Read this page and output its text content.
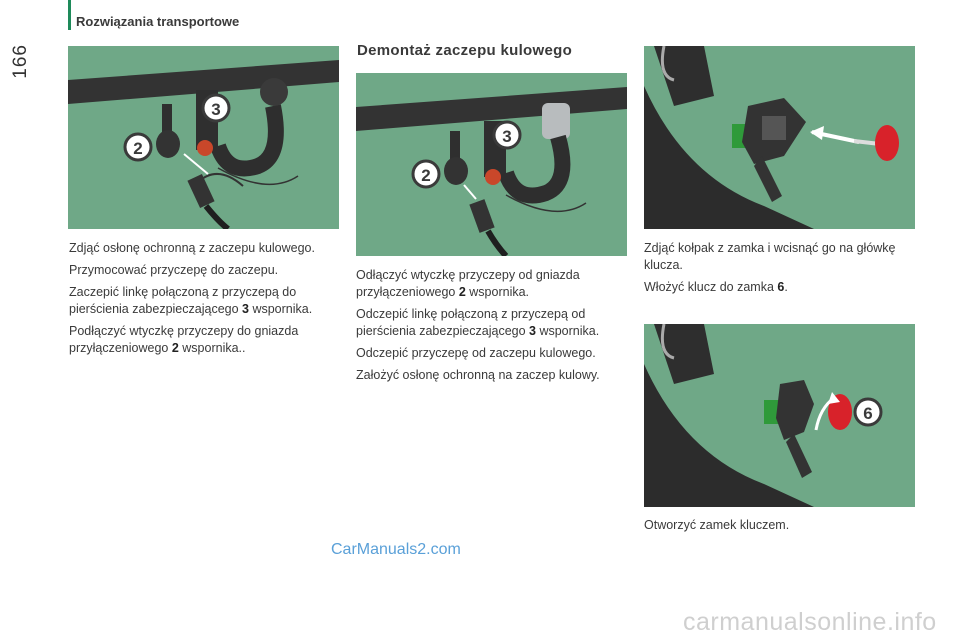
Rozwiązania transportowe
166	Demontaż zaczepu kulowego
2
3
2
3
6

Zdjąć osłonę ochronną z zaczepu kulowego.

Przymocować przyczepę do zaczepu.

Zaczepić linkę połączoną z przyczepą do pierścienia zabezpieczającego 3 wspornika.

Podłączyć wtyczkę przyczepy do gniazda przyłączeniowego 2 wspornika..

Odłączyć wtyczkę przyczepy od gniazda przyłączeniowego 2 wspornika.

Odczepić linkę połączoną z przyczepą od pierścienia zabezpieczającego 3 wspornika.

Odczepić przyczepę od zaczepu kulowego.

Założyć osłonę ochronną na zaczep kulowy.

Zdjąć kołpak z zamka i wcisnąć go na główkę klucza.

Włożyć klucz do zamka 6.

Otworzyć zamek kluczem.

CarManuals2.com
carmanualsonline.info
